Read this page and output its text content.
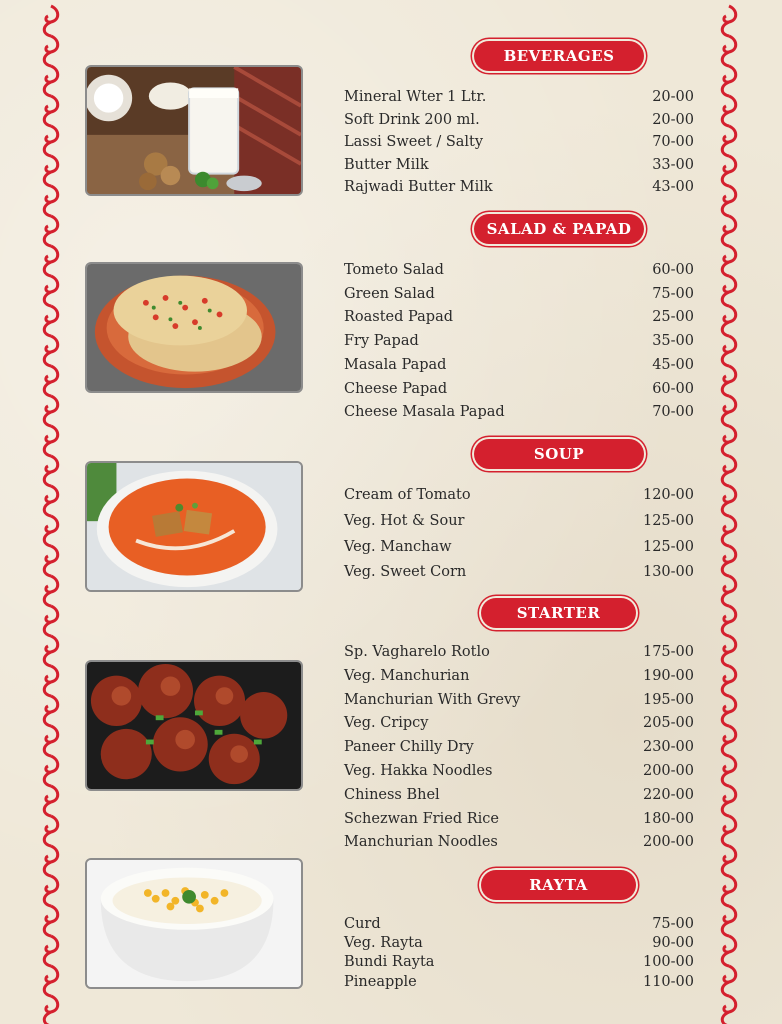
BEVERAGES
Mineral Wter 1 Ltr.	20-00
Soft Drink 200 ml.	20-00
Lassi Sweet / Salty	70-00
Butter Milk	33-00
Rajwadi Butter Milk	43-00
SALAD & PAPAD
Tometo Salad	60-00
Green Salad	75-00
Roasted Papad	25-00
Fry Papad	35-00
Masala Papad	45-00
Cheese Papad	60-00
Cheese Masala Papad	70-00
SOUP
Cream of Tomato	120-00
Veg. Hot & Sour	125-00
Veg. Manchaw	125-00
Veg. Sweet Corn	130-00
STARTER
Sp. Vagharelo Rotlo	175-00
Veg. Manchurian	190-00
Manchurian With Grevy	195-00
Veg. Cripcy	205-00
Paneer Chilly Dry	230-00
Veg. Hakka Noodles	200-00
Chiness Bhel	220-00
Schezwan Fried Rice	180-00
Manchurian Noodles	200-00
RAYTA
Curd	75-00
Veg. Rayta	90-00
Bundi Rayta	100-00
Pineapple	110-00
